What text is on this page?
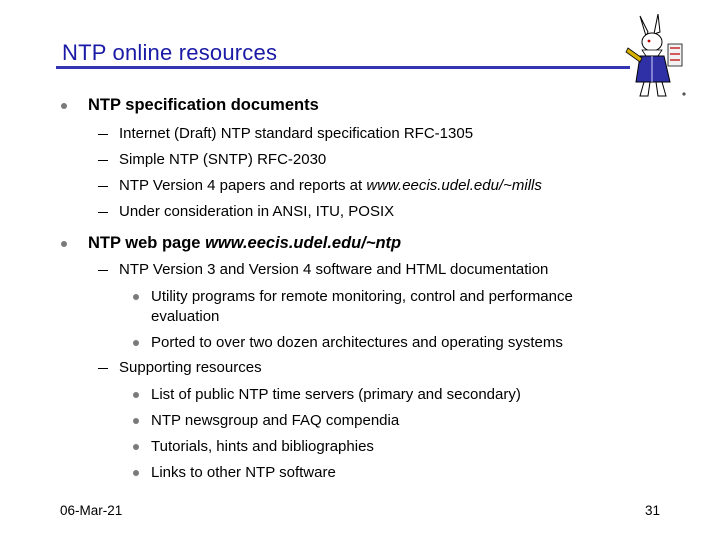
NTP online resources
NTP specification documents
Internet (Draft) NTP standard specification RFC-1305
Simple NTP (SNTP) RFC-2030
NTP Version 4 papers and reports at www.eecis.udel.edu/~mills
Under consideration in ANSI, ITU, POSIX
NTP web page www.eecis.udel.edu/~ntp
NTP Version 3 and Version 4 software and HTML documentation
Utility programs for remote monitoring, control and performance evaluation
Ported to over two dozen architectures and operating systems
Supporting resources
List of public NTP time servers (primary and secondary)
NTP newsgroup and FAQ compendia
Tutorials, hints and bibliographies
Links to other NTP software
06-Mar-21	31
